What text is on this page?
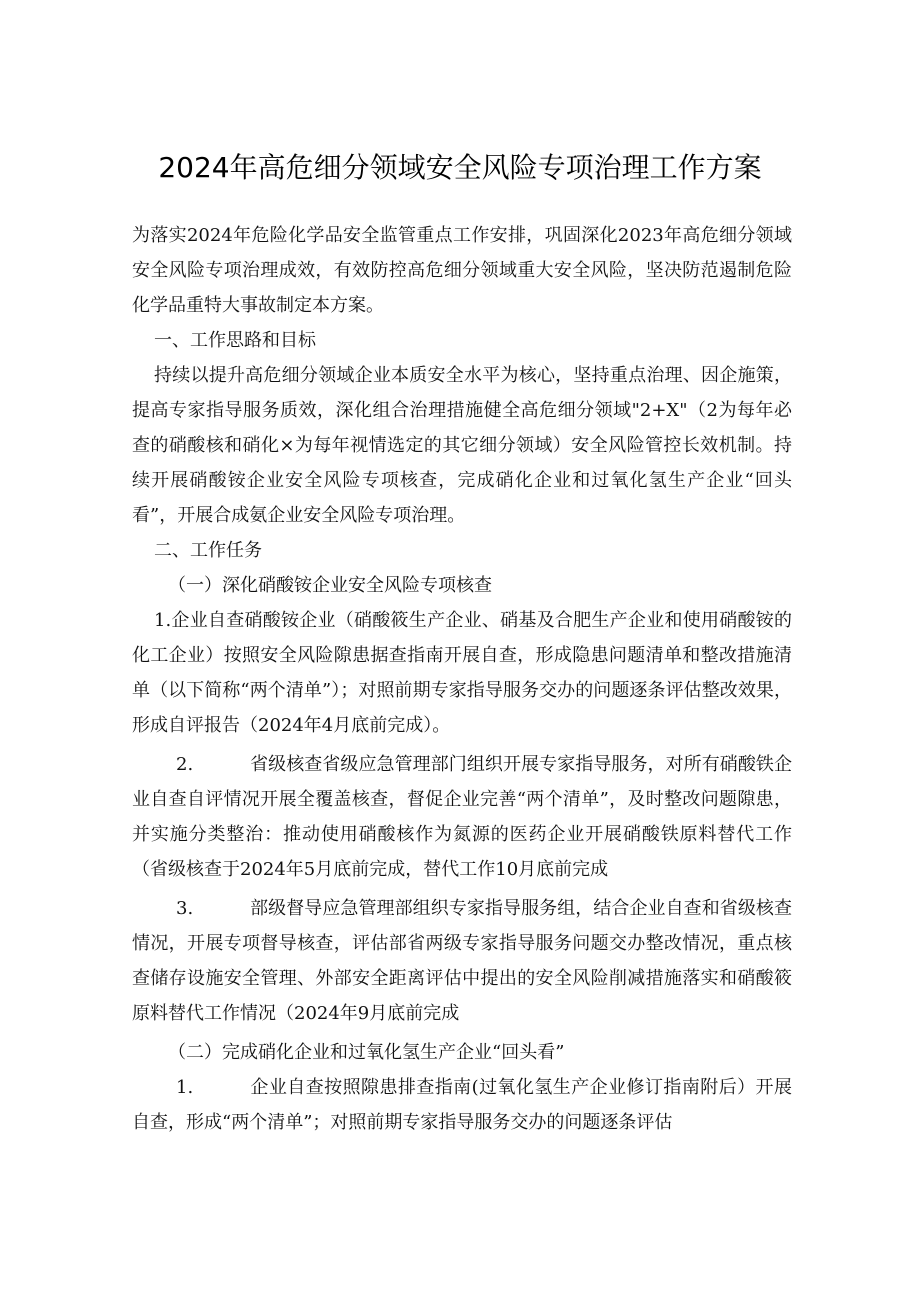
2024年高危细分领域安全风险专项治理工作方案

为落实2024年危险化学品安全监管重点工作安排，巩固深化2023年高危细分领域安全风险专项治理成效，有效防控高危细分领域重大安全风险，坚决防范遏制危险化学品重特大事故制定本方案。

一、工作思路和目标

持续以提升高危细分领域企业本质安全水平为核心，坚持重点治理、因企施策，提高专家指导服务质效，深化组合治理措施健全高危细分领域"2+X"（2为每年必查的硝酸核和硝化×为每年视情选定的其它细分领域）安全风险管控长效机制。持续开展硝酸铵企业安全风险专项核查，完成硝化企业和过氧化氢生产企业“回头看”，开展合成氨企业安全风险专项治理。

二、工作任务

（一）深化硝酸铵企业安全风险专项核查

1.企业自查硝酸铵企业（硝酸筱生产企业、硝基及合肥生产企业和使用硝酸铵的化工企业）按照安全风险隙患据查指南开展自查，形成隐患问题清单和整改措施清单（以下简称“两个清单”）；对照前期专家指导服务交办的问题逐条评估整改效果，形成自评报告（2024年4月底前完成）。

2.	省级核查省级应急管理部门组织开展专家指导服务，对所有硝酸铁企业自查自评情况开展全覆盖核查，督促企业完善“两个清单”，及时整改问题隙患，并实施分类整治：推动使用硝酸核作为氮源的医药企业开展硝酸铁原料替代工作（省级核查于2024年5月底前完成，替代工作10月底前完成

3.	部级督导应急管理部组织专家指导服务组，结合企业自查和省级核查情况，开展专项督导核查，评估部省两级专家指导服务问题交办整改情况，重点核查储存设施安全管理、外部安全距离评估中提出的安全风险削减措施落实和硝酸筱原料替代工作情况（2024年9月底前完成

（二）完成硝化企业和过氧化氢生产企业“回头看”

1.	企业自查按照隙患排查指南(过氧化氢生产企业修订指南附后）开展自查，形成“两个清单”；对照前期专家指导服务交办的问题逐条评估
